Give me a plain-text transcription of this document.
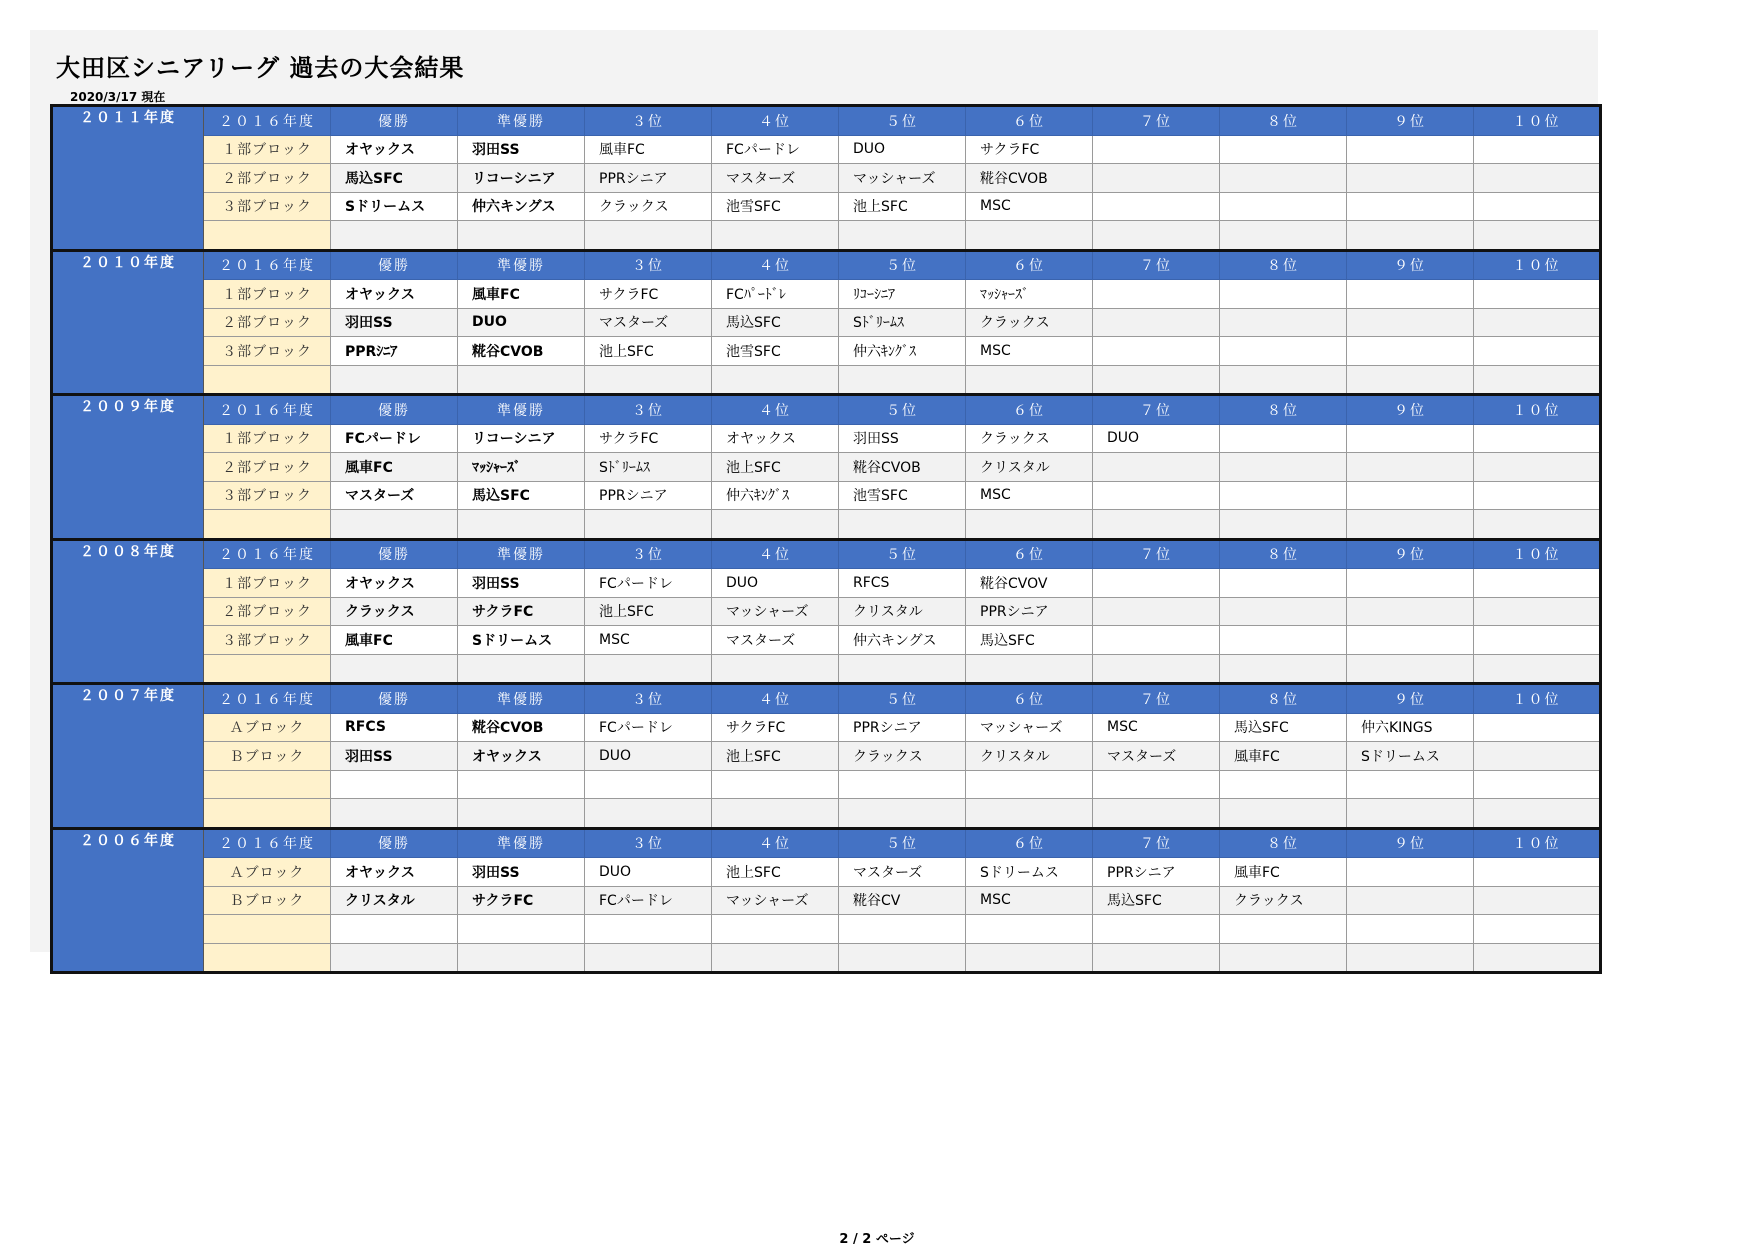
大田区シニアリーグ 過去の大会結果
2020/3/17 現在
２０１１年度	２０１６年度	優勝	準優勝	３位	４位	５位	６位	７位	８位	９位	１０位
	１部ブロック	オヤックス	羽田SS	風車FC	FCパードレ	DUO	サクラFC				
	２部ブロック	馬込SFC	リコーシニア	PPRシニア	マスターズ	マッシャーズ	糀谷CVOB				
	３部ブロック	Sドリームス	仲六キングス	クラックス	池雪SFC	池上SFC	MSC				

２０１０年度	２０１６年度	優勝	準優勝	３位	４位	５位	６位	７位	８位	９位	１０位
	１部ブロック	オヤックス	風車FC	サクラFC	FCﾊﾟｰﾄﾞﾚ	ﾘｺｰｼﾆｱ	ﾏｯｼｬｰｽﾞ				
	２部ブロック	羽田SS	DUO	マスターズ	馬込SFC	Sﾄﾞﾘｰﾑｽ	クラックス				
	３部ブロック	PPRｼﾆｱ	糀谷CVOB	池上SFC	池雪SFC	仲六ｷﾝｸﾞｽ	MSC				

２００９年度	２０１６年度	優勝	準優勝	３位	４位	５位	６位	７位	８位	９位	１０位
	１部ブロック	FCパードレ	リコーシニア	サクラFC	オヤックス	羽田SS	クラックス	DUO			
	２部ブロック	風車FC	ﾏｯｼｬｰｽﾞ	Sﾄﾞﾘｰﾑｽ	池上SFC	糀谷CVOB	クリスタル				
	３部ブロック	マスターズ	馬込SFC	PPRシニア	仲六ｷﾝｸﾞｽ	池雪SFC	MSC				

２００８年度	２０１６年度	優勝	準優勝	３位	４位	５位	６位	７位	８位	９位	１０位
	１部ブロック	オヤックス	羽田SS	FCパードレ	DUO	RFCS	糀谷CVOV				
	２部ブロック	クラックス	サクラFC	池上SFC	マッシャーズ	クリスタル	PPRシニア				
	３部ブロック	風車FC	Sドリームス	MSC	マスターズ	仲六キングス	馬込SFC				

２００７年度	２０１６年度	優勝	準優勝	３位	４位	５位	６位	７位	８位	９位	１０位
	Ａブロック	RFCS	糀谷CVOB	FCパードレ	サクラFC	PPRシニア	マッシャーズ	MSC	馬込SFC	仲六KINGS	
	Ｂブロック	羽田SS	オヤックス	DUO	池上SFC	クラックス	クリスタル	マスターズ	風車FC	Sドリームス	

２００６年度	２０１６年度	優勝	準優勝	３位	４位	５位	６位	７位	８位	９位	１０位
	Ａブロック	オヤックス	羽田SS	DUO	池上SFC	マスターズ	Sドリームス	PPRシニア	風車FC		
	Ｂブロック	クリスタル	サクラFC	FCパードレ	マッシャーズ	糀谷CV	MSC	馬込SFC	クラックス		

2 / 2 ページ
